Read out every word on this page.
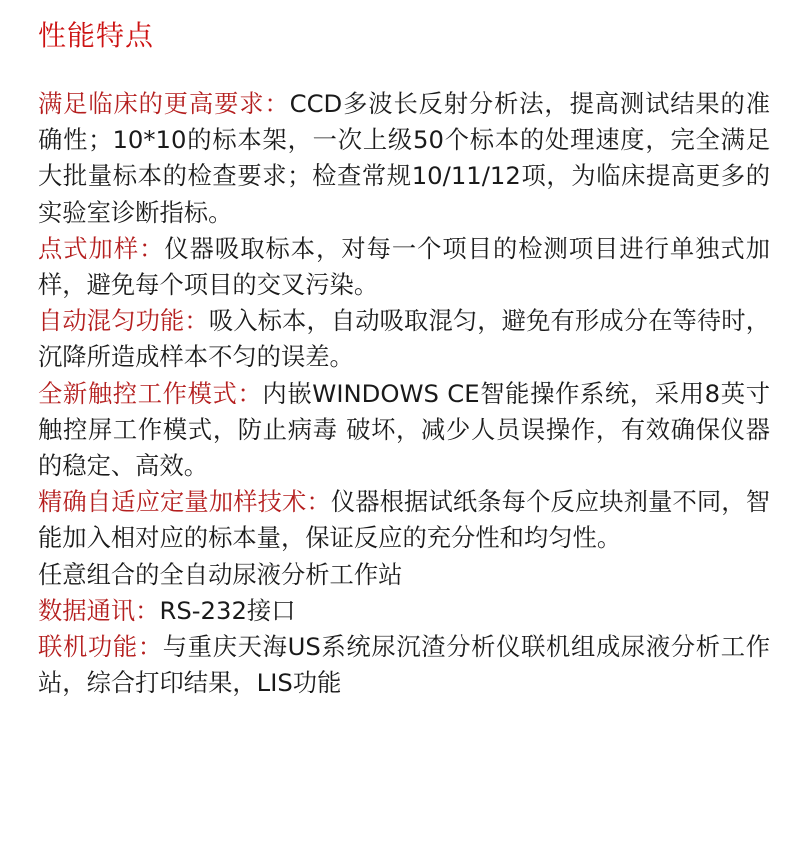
性能特点

满足临床的更高要求：CCD多波长反射分析法，提高测试结果的准确性；10*10的标本架，一次上级50个标本的处理速度，完全满足大批量标本的检查要求；检查常规10/11/12项，为临床提高更多的实验室诊断指标。

点式加样：仪器吸取标本，对每一个项目的检测项目进行单独式加样，避免每个项目的交叉污染。

自动混匀功能：吸入标本，自动吸取混匀，避免有形成分在等待时，沉降所造成样本不匀的误差。

全新触控工作模式：内嵌WINDOWS CE智能操作系统，采用8英寸触控屏工作模式，防止病毒 破坏，减少人员误操作，有效确保仪器的稳定、高效。

精确自适应定量加样技术：仪器根据试纸条每个反应块剂量不同，智能加入相对应的标本量，保证反应的充分性和均匀性。

任意组合的全自动尿液分析工作站

数据通讯：RS-232接口

联机功能：与重庆天海US系统尿沉渣分析仪联机组成尿液分析工作站，综合打印结果，LIS功能
